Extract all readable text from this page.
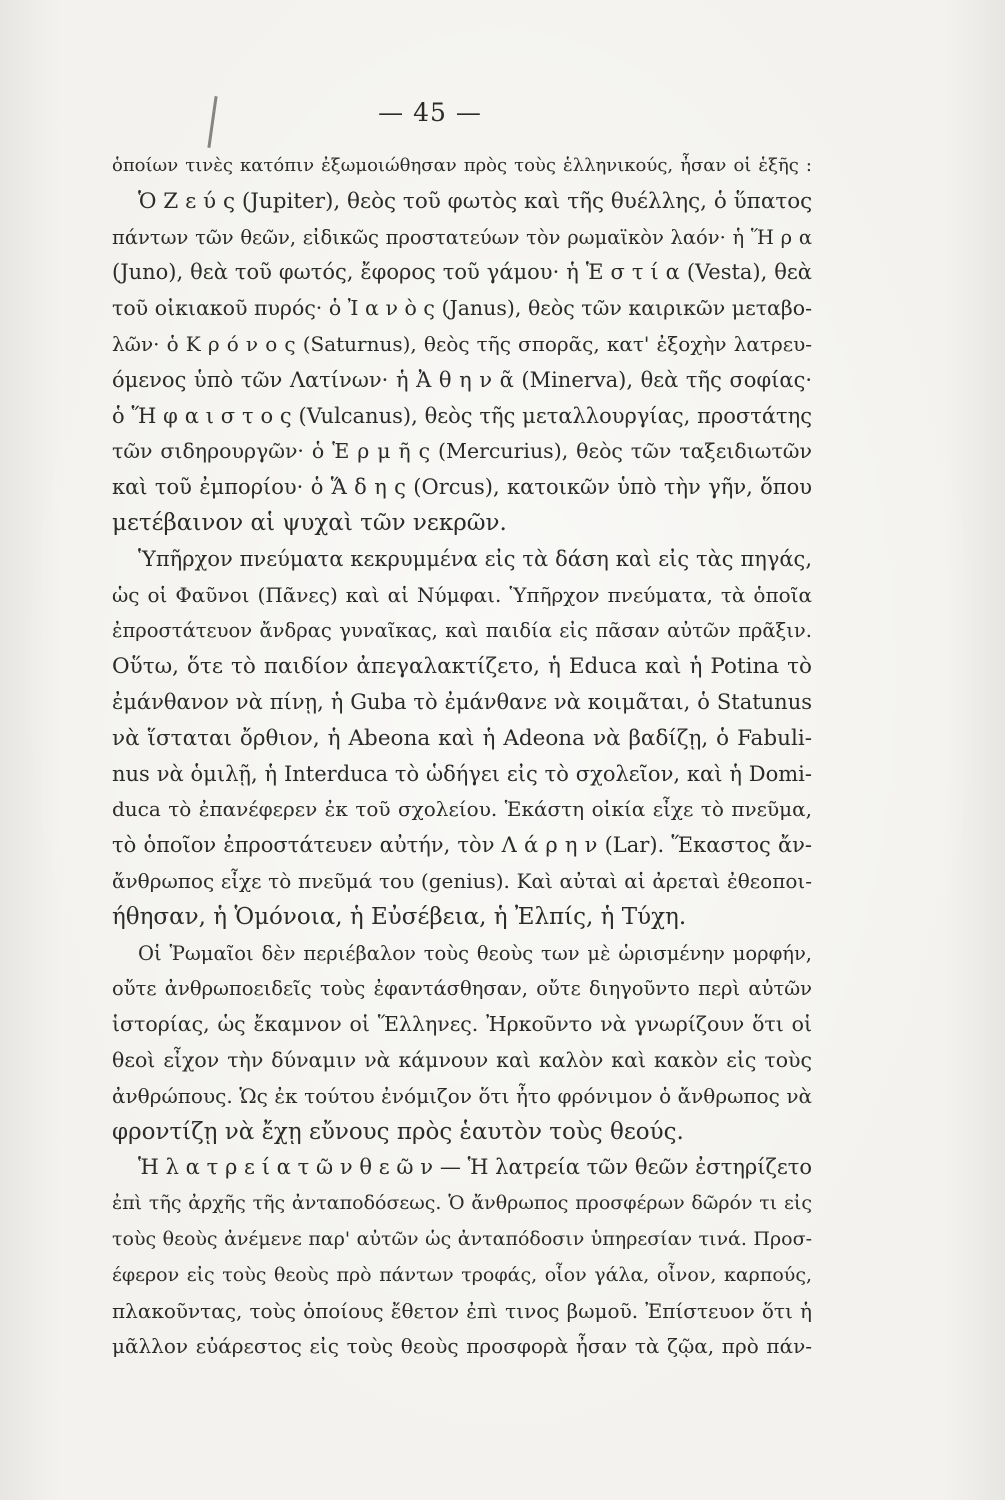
— 45 —
ὁποίων τινὲς κατόπιν ἐξωμοιώθησαν πρὸς τοὺς ἑλληνικούς, ἦσαν οἱ ἑξῆς :
Ὁ Ζ ε ύ ς (Jupiter), θεὸς τοῦ φωτὸς καὶ τῆς θυέλλης, ὁ ὕπατος
πάντων τῶν θεῶν, εἰδικῶς προστατεύων τὸν ρωμαϊκὸν λαόν· ἡ Ἥ ρ α
(Juno), θεὰ τοῦ φωτός, ἔφορος τοῦ γάμου· ἡ Ἑ σ τ ί α (Vesta), θεὰ
τοῦ οἰκιακοῦ πυρός· ὁ Ἰ α ν ὸ ς (Janus), θεὸς τῶν καιρικῶν μεταβο-
λῶν· ὁ Κ ρ ό ν ο ς (Saturnus), θεὸς τῆς σπορᾶς, κατ' ἐξοχὴν λατρευ-
όμενος ὑπὸ τῶν Λατίνων· ἡ Ἀ θ η ν ᾶ (Minerva), θεὰ τῆς σοφίας·
ὁ Ἥ φ α ι σ τ ο ς (Vulcanus), θεὸς τῆς μεταλλουργίας, προστάτης
τῶν σιδηρουργῶν· ὁ Ἑ ρ μ ῆ ς (Mercurius), θεὸς τῶν ταξειδιωτῶν
καὶ τοῦ ἐμπορίου· ὁ Ἅ δ η ς (Orcus), κατοικῶν ὑπὸ τὴν γῆν, ὅπου
μετέβαινον αἱ ψυχαὶ τῶν νεκρῶν.
Ὑπῆρχον πνεύματα κεκρυμμένα εἰς τὰ δάση καὶ εἰς τὰς πηγάς,
ὡς οἱ Φαῦνοι (Πᾶνες) καὶ αἱ Νύμφαι. Ὑπῆρχον πνεύματα, τὰ ὁποῖα
ἐπροστάτευον ἄνδρας γυναῖκας, καὶ παιδία εἰς πᾶσαν αὐτῶν πρᾶξιν.
Οὕτω, ὅτε τὸ παιδίον ἀπεγαλακτίζετο, ἡ Educa καὶ ἡ Potina τὸ
ἐμάνθανον νὰ πίνῃ, ἡ Guba τὸ ἐμάνθανε νὰ κοιμᾶται, ὁ Statunus
νὰ ἵσταται ὄρθιον, ἡ Abeona καὶ ἡ Adeona νὰ βαδίζῃ, ὁ Fabuli-
nus νὰ ὁμιλῇ, ἡ Interduca τὸ ὡδήγει εἰς τὸ σχολεῖον, καὶ ἡ Domi-
duca τὸ ἐπανέφερεν ἐκ τοῦ σχολείου. Ἑκάστη οἰκία εἶχε τὸ πνεῦμα,
τὸ ὁποῖον ἐπροστάτευεν αὐτήν, τὸν Λ ά ρ η ν (Lar). Ἕκαστος ἄν-
ἄνθρωπος εἶχε τὸ πνεῦμά του (genius). Καὶ αὐταὶ αἱ ἀρεταὶ ἐθεοποι-
ήθησαν, ἡ Ὁμόνοια, ἡ Εὐσέβεια, ἡ Ἐλπίς, ἡ Τύχη.
Οἱ Ῥωμαῖοι δὲν περιέβαλον τοὺς θεοὺς των μὲ ὡρισμένην μορφήν,
οὔτε ἀνθρωποειδεῖς τοὺς ἐφαντάσθησαν, οὔτε διηγοῦντο περὶ αὐτῶν
ἱστορίας, ὡς ἔκαμνον οἱ Ἕλληνες. Ἠρκοῦντο νὰ γνωρίζουν ὅτι οἱ
θεοὶ εἶχον τὴν δύναμιν νὰ κάμνουν καὶ καλὸν καὶ κακὸν εἰς τοὺς
ἀνθρώπους. Ὡς ἐκ τούτου ἐνόμιζον ὅτι ἦτο φρόνιμον ὁ ἄνθρωπος νὰ
φροντίζῃ νὰ ἔχῃ εὔνους πρὸς ἑαυτὸν τοὺς θεούς.
Ἡ λ α τ ρ ε ί α τ ῶ ν θ ε ῶ ν — Ἡ λατρεία τῶν θεῶν ἐστηρίζετο
ἐπὶ τῆς ἀρχῆς τῆς ἀνταποδόσεως. Ὁ ἄνθρωπος προσφέρων δῶρόν τι εἰς
τοὺς θεοὺς ἀνέμενε παρ' αὐτῶν ὡς ἀνταπόδοσιν ὑπηρεσίαν τινά. Προσ-
έφερον εἰς τοὺς θεοὺς πρὸ πάντων τροφάς, οἷον γάλα, οἶνον, καρπούς,
πλακοῦντας, τοὺς ὁποίους ἔθετον ἐπὶ τινος βωμοῦ. Ἐπίστευον ὅτι ἡ
μᾶλλον εὐάρεστος εἰς τοὺς θεοὺς προσφορὰ ἦσαν τὰ ζῷα, πρὸ πάν-
